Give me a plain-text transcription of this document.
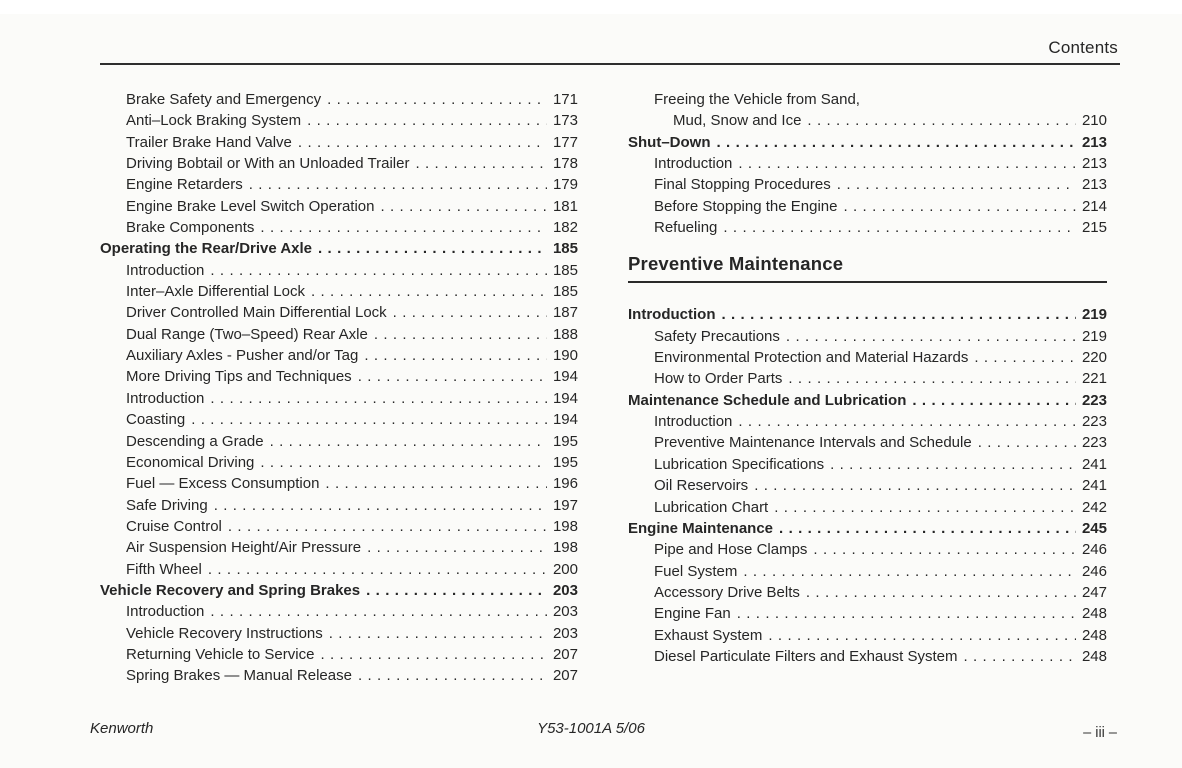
Contents
Brake Safety and Emergency . . .	171
Anti–Lock Braking System . . .	173
Trailer Brake Hand Valve . . .	177
Driving Bobtail or With an Unloaded Trailer . . .	178
Engine Retarders . . .	179
Engine Brake Level Switch Operation . . .	181
Brake Components . . .	182
Operating the Rear/Drive Axle . . .	185
Introduction . . .	185
Inter–Axle Differential Lock . . .	185
Driver Controlled Main Differential Lock . . .	187
Dual Range (Two–Speed) Rear Axle . . .	188
Auxiliary Axles - Pusher and/or Tag . . .	190
More Driving Tips and Techniques . . .	194
Introduction . . .	194
Coasting . . .	194
Descending a Grade . . .	195
Economical Driving . . .	195
Fuel — Excess Consumption . . .	196
Safe Driving . . .	197
Cruise Control . . .	198
Air Suspension Height/Air Pressure . . .	198
Fifth Wheel . . .	200
Vehicle Recovery and Spring Brakes . . .	203
Introduction . . .	203
Vehicle Recovery Instructions . . .	203
Returning Vehicle to Service . . .	207
Spring Brakes — Manual Release . . .	207
Freeing the Vehicle from Sand,
Mud, Snow and Ice . . .	210
Shut–Down . . .	213
Introduction . . .	213
Final Stopping Procedures . . .	213
Before Stopping the Engine . . .	214
Refueling . . .	215
Preventive Maintenance
Introduction . . .	219
Safety Precautions . . .	219
Environmental Protection and Material Hazards . . .	220
How to Order Parts . . .	221
Maintenance Schedule and Lubrication . . .	223
Introduction . . .	223
Preventive Maintenance Intervals and Schedule . . .	223
Lubrication Specifications . . .	241
Oil Reservoirs . . .	241
Lubrication Chart . . .	242
Engine Maintenance . . .	245
Pipe and Hose Clamps . . .	246
Fuel System . . .	246
Accessory Drive Belts . . .	247
Engine Fan . . .	248
Exhaust System . . .	248
Diesel Particulate Filters and Exhaust System . . .	248
Kenworth	Y53-1001A 5/06	– iii –
